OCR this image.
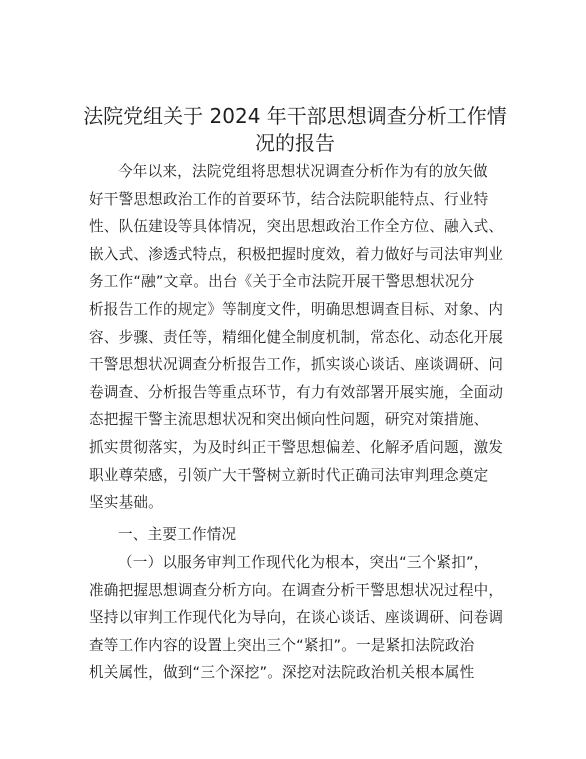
法院党组关于 2024 年干部思想调查分析工作情
况的报告
今年以来，法院党组将思想状况调查分析作为有的放矢做
好干警思想政治工作的首要环节，结合法院职能特点、行业特
性、队伍建设等具体情况，突出思想政治工作全方位、融入式、
嵌入式、渗透式特点，积极把握时度效，着力做好与司法审判业
务工作“融”文章。出台《关于全市法院开展干警思想状况分
析报告工作的规定》等制度文件，明确思想调查目标、对象、内
容、步骤、责任等，精细化健全制度机制，常态化、动态化开展
干警思想状况调查分析报告工作，抓实谈心谈话、座谈调研、问
卷调查、分析报告等重点环节，有力有效部署开展实施，全面动
态把握干警主流思想状况和突出倾向性问题，研究对策措施、
抓实贯彻落实，为及时纠正干警思想偏差、化解矛盾问题，激发
职业尊荣感，引领广大干警树立新时代正确司法审判理念奠定
坚实基础。
一、主要工作情况
（一）以服务审判工作现代化为根本，突出“三个紧扣”，
准确把握思想调查分析方向。在调查分析干警思想状况过程中，
坚持以审判工作现代化为导向，在谈心谈话、座谈调研、问卷调
查等工作内容的设置上突出三个“紧扣”。一是紧扣法院政治
机关属性，做到“三个深挖”。深挖对法院政治机关根本属性
